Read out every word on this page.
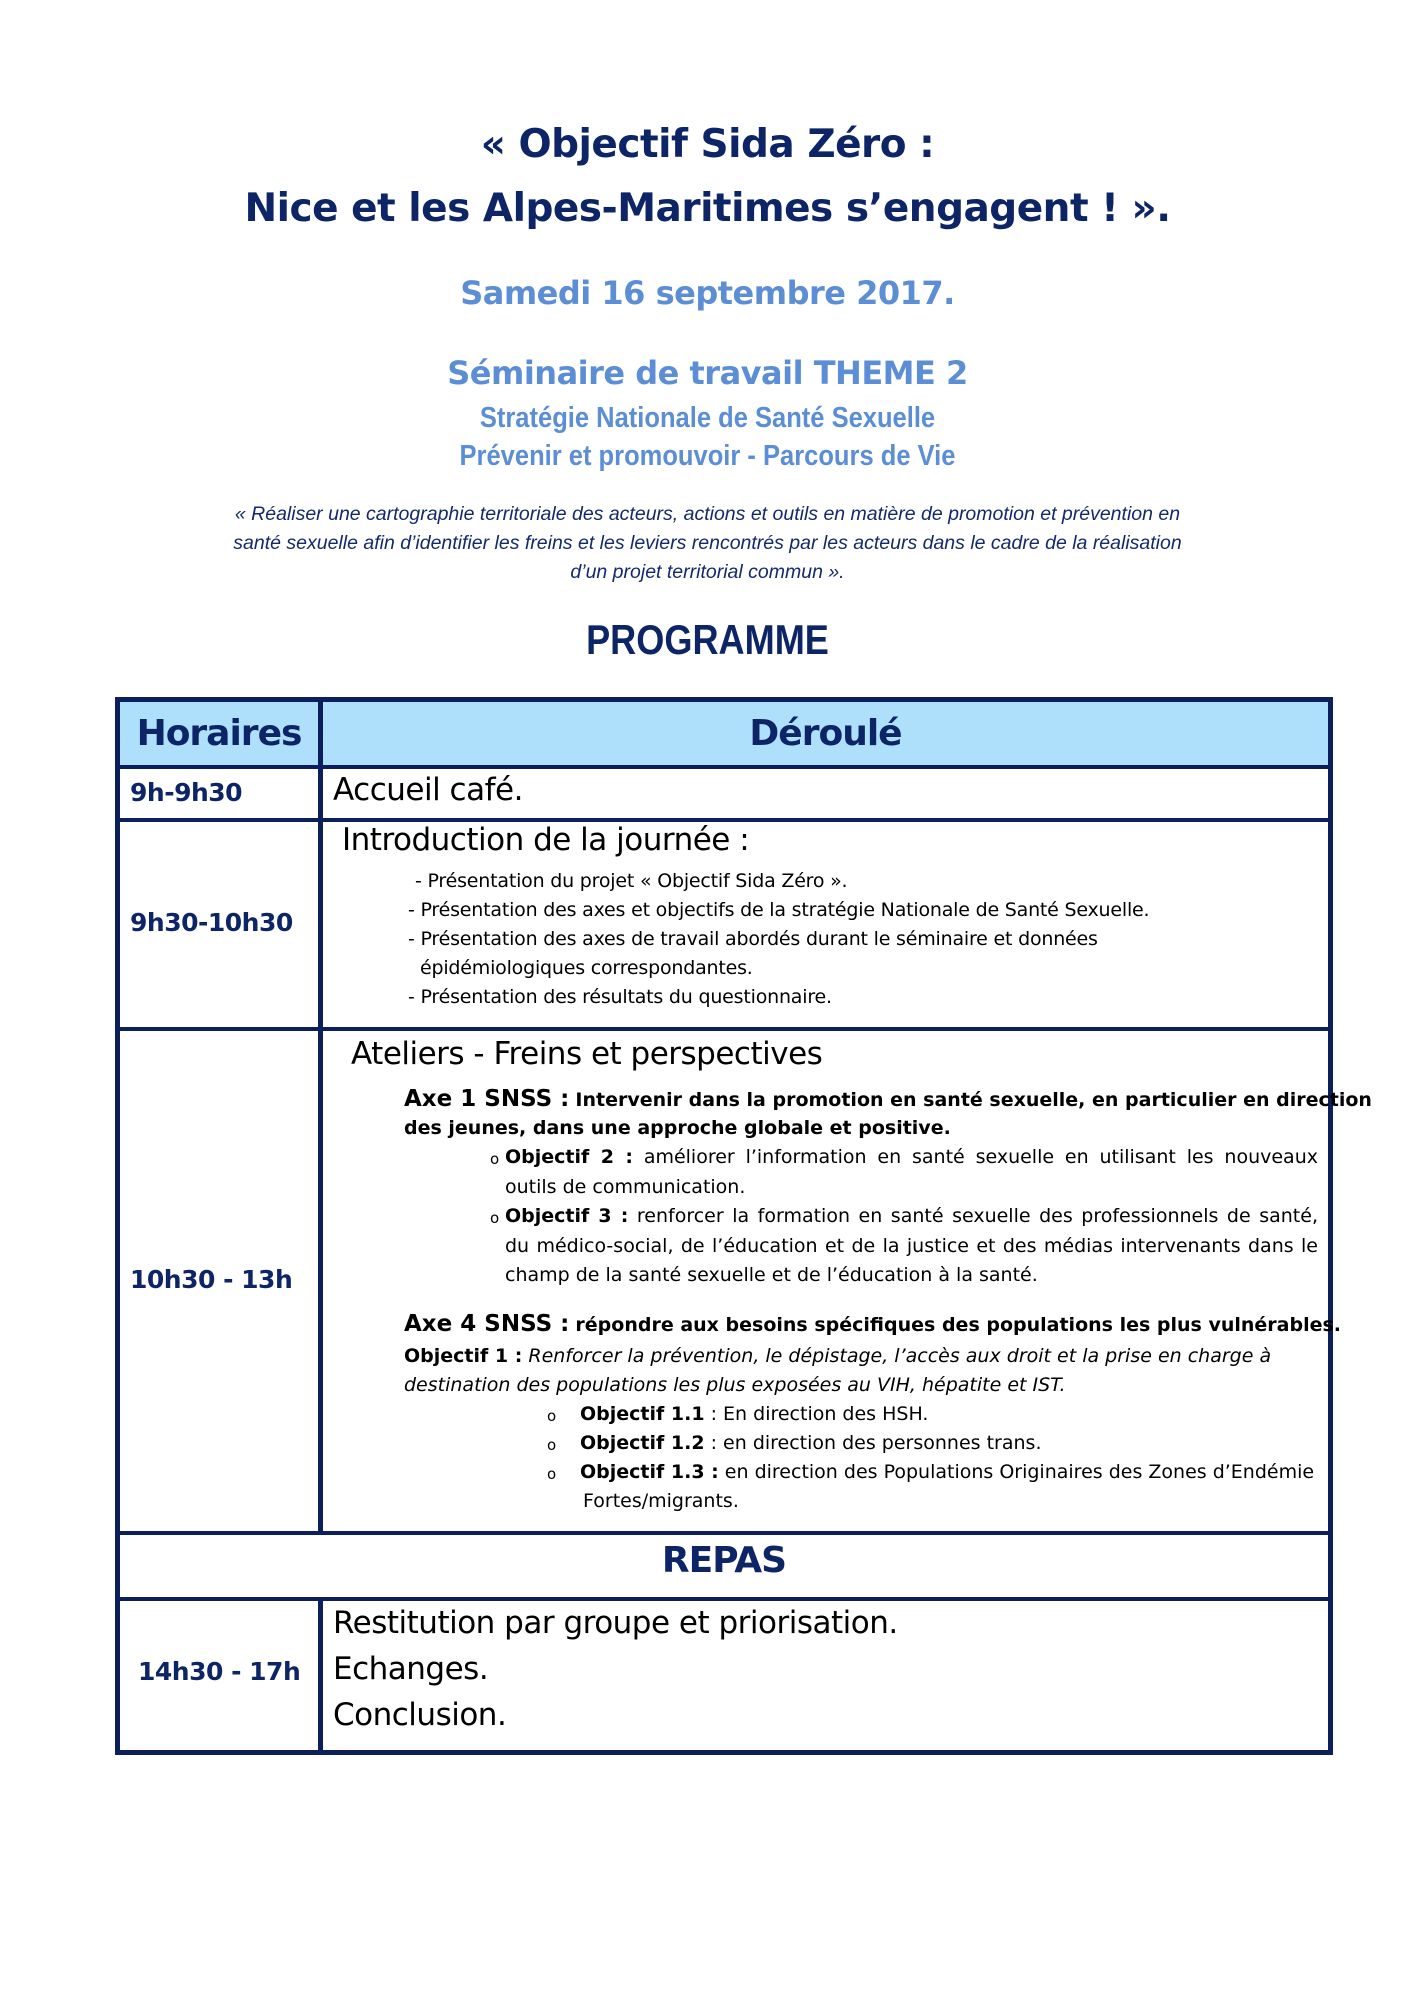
« Objectif Sida Zéro :
Nice et les Alpes-Maritimes s’engagent ! ».
Samedi 16 septembre 2017.
Séminaire de travail THEME 2
Stratégie Nationale de Santé Sexuelle
Prévenir et promouvoir - Parcours de Vie
« Réaliser une cartographie territoriale des acteurs, actions et outils en matière de promotion et prévention en
santé sexuelle afin d’identifier les freins et les leviers rencontrés par les acteurs dans le cadre de la réalisation
d’un projet territorial commun ».
PROGRAMME
Horaires	Déroulé
9h-9h30	Accueil café.
9h30-10h30
Introduction de la journée :
- Présentation du projet « Objectif Sida Zéro ».
- Présentation des axes et objectifs de la stratégie Nationale de Santé Sexuelle.
- Présentation des axes de travail abordés durant le séminaire et données
épidémiologiques correspondantes.
- Présentation des résultats du questionnaire.
10h30 - 13h
Ateliers - Freins et perspectives
Axe 1 SNSS : Intervenir dans la promotion en santé sexuelle, en particulier en direction
des jeunes, dans une approche globale et positive.
o Objectif 2 : améliorer l’information en santé sexuelle en utilisant les nouveaux outils de communication.
o Objectif 3 : renforcer la formation en santé sexuelle des professionnels de santé, du médico-social, de l’éducation et de la justice et des médias intervenants dans le champ de la santé sexuelle et de l’éducation à la santé.
Axe 4 SNSS : répondre aux besoins spécifiques des populations les plus vulnérables.
Objectif 1 : Renforcer la prévention, le dépistage, l’accès aux droit et la prise en charge à
destination des populations les plus exposées au VIH, hépatite et IST.
o Objectif 1.1 : En direction des HSH.
o Objectif 1.2 : en direction des personnes trans.
o Objectif 1.3 : en direction des Populations Originaires des Zones d’Endémie
Fortes/migrants.
REPAS
14h30 - 17h
Restitution par groupe et priorisation.
Echanges.
Conclusion.
